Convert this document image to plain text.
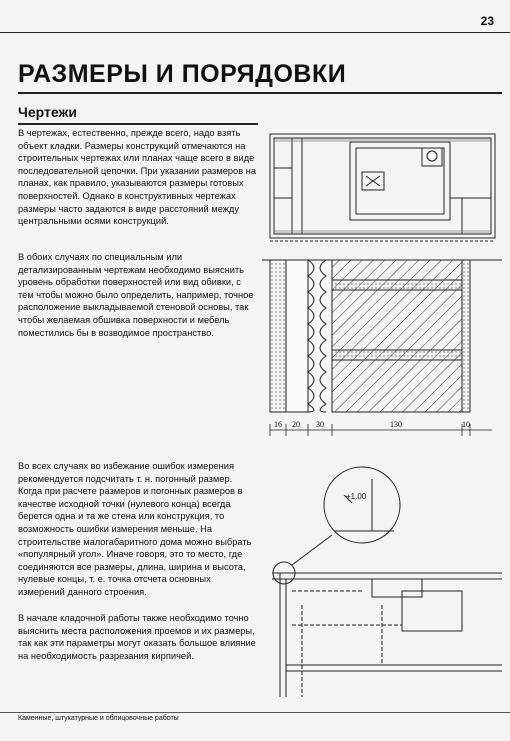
23
РАЗМЕРЫ И ПОРЯДОВКИ
Чертежи
В чертежах, естественно, прежде всего, надо взять объект кладки. Размеры конструкций отмечаются на строительных чертежах или планах чаще всего в виде последовательной цепочки. При указании размеров на планах, как правило, указываются размеры готовых поверхностей. Однако в конструктивных чертежах размеры часто задаются в виде расстояний между центральными осями конструкций.
В обоих случаях по специальным или детализированным чертежам необходимо выяснить уровень обработки поверхностей или вид обивки, с тем чтобы можно было определить, например, точное расположение выкладываемой стеновой основы, так чтобы желаемая обшивка поверхности и мебель поместились бы в возводимое пространство.
Во всех случаях во избежание ошибок измерения рекомендуется подсчитать т. н. погонный размер. Когда при расчете размеров и погонных размеров в качестве исходной точки (нулевого конца) всегда берется одна и та же стена или конструкция, то возможность ошибки измерения меньше. На строительстве малогабаритного дома можно выбрать «популярный угол». Иначе говоря, это то место, где соединяются все размеры, длина, ширина и высота, нулевые концы, т. е. точка отсчета основных измерений данного строения.
В начале кладочной работы также необходимо точно выяснить места расположения проемов и их размеры, так как эти параметры могут оказать большое влияние на необходимость разрезания кирпичей.
16 20 30	130	10
+1.00
Каменные, штукатурные и облицовочные работы
